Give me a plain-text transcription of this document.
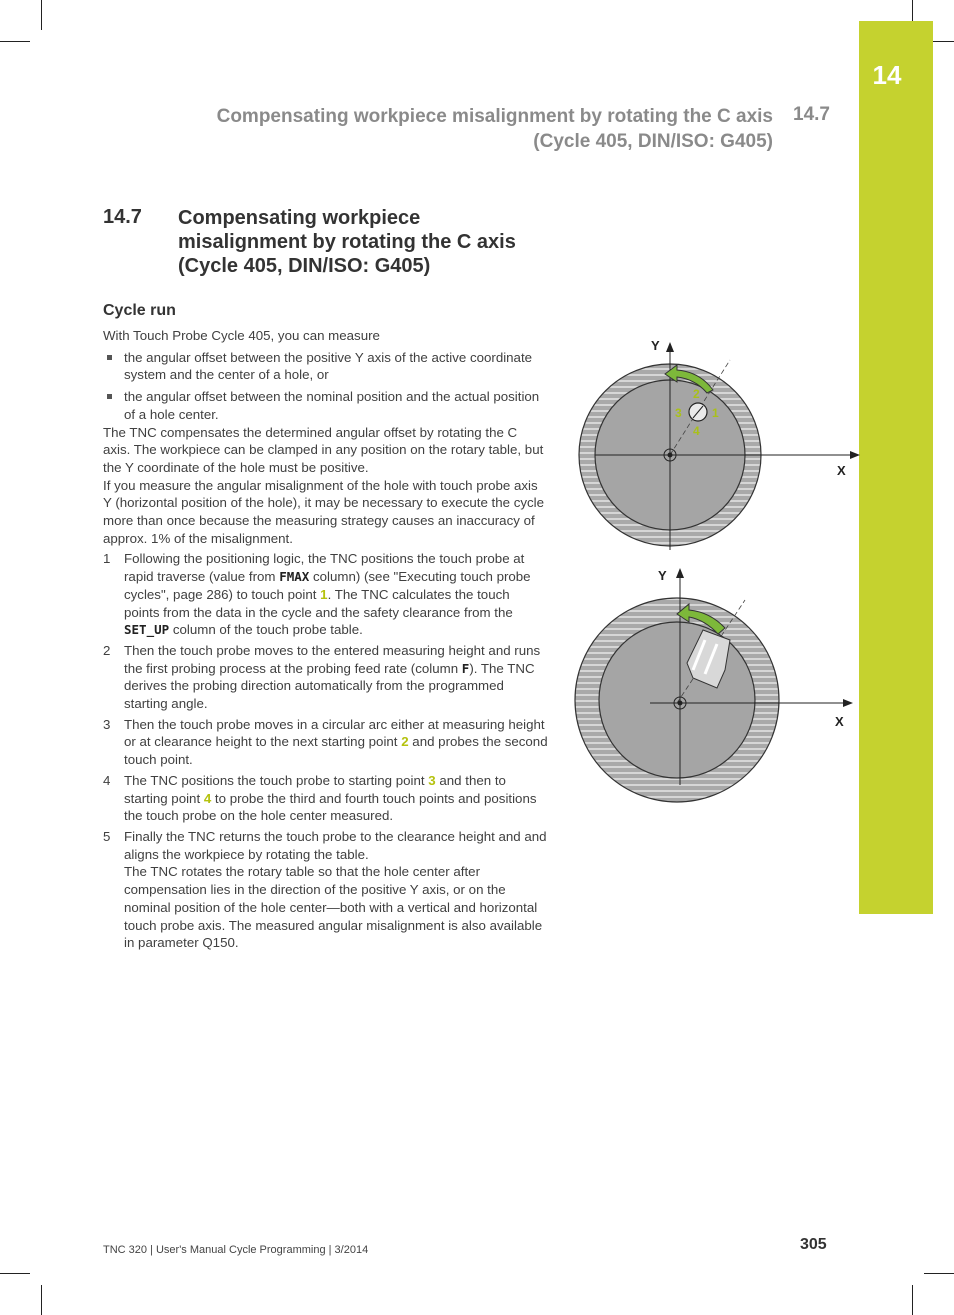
14
Compensating workpiece misalignment by rotating the C axis
(Cycle 405, DIN/ISO: G405)
14.7
14.7 Compensating workpiece
misalignment by rotating the C axis
(Cycle 405, DIN/ISO: G405)
Cycle run

With Touch Probe Cycle 405, you can measure

the angular offset between the positive Y axis of the active coordinate system and the center of a hole, or
the angular offset between the nominal position and the actual position of a hole center.

The TNC compensates the determined angular offset by rotating the C axis. The workpiece can be clamped in any position on the rotary table, but the Y coordinate of the hole must be positive.

If you measure the angular misalignment of the hole with touch probe axis Y (horizontal position of the hole), it may be necessary to execute the cycle more than once because the measuring strategy causes an inaccuracy of approx. 1% of the misalignment.

1 Following the positioning logic, the TNC positions the touch probe at rapid traverse (value from FMAX column) (see "Executing touch probe cycles", page 286) to touch point 1. The TNC calculates the touch points from the data in the cycle and the safety clearance from the SET_UP column of the touch probe table.
2 Then the touch probe moves to the entered measuring height and runs the first probing process at the probing feed rate (column F). The TNC derives the probing direction automatically from the programmed starting angle.
3 Then the touch probe moves in a circular arc either at measuring height or at clearance height to the next starting point 2 and probes the second touch point.
4 The TNC positions the touch probe to starting point 3 and then to starting point 4 to probe the third and fourth touch points and positions the touch probe on the hole center measured.
5 Finally the TNC returns the touch probe to the clearance height and and aligns the workpiece by rotating the table.
The TNC rotates the rotary table so that the hole center after compensation lies in the direction of the positive Y axis, or on the nominal position of the hole center—both with a vertical and horizontal touch probe axis. The measured angular misalignment is also available in parameter Q150.
Y
X
2
3	1
4
Y
X
TNC 320 | User's Manual Cycle Programming | 3/2014	305
